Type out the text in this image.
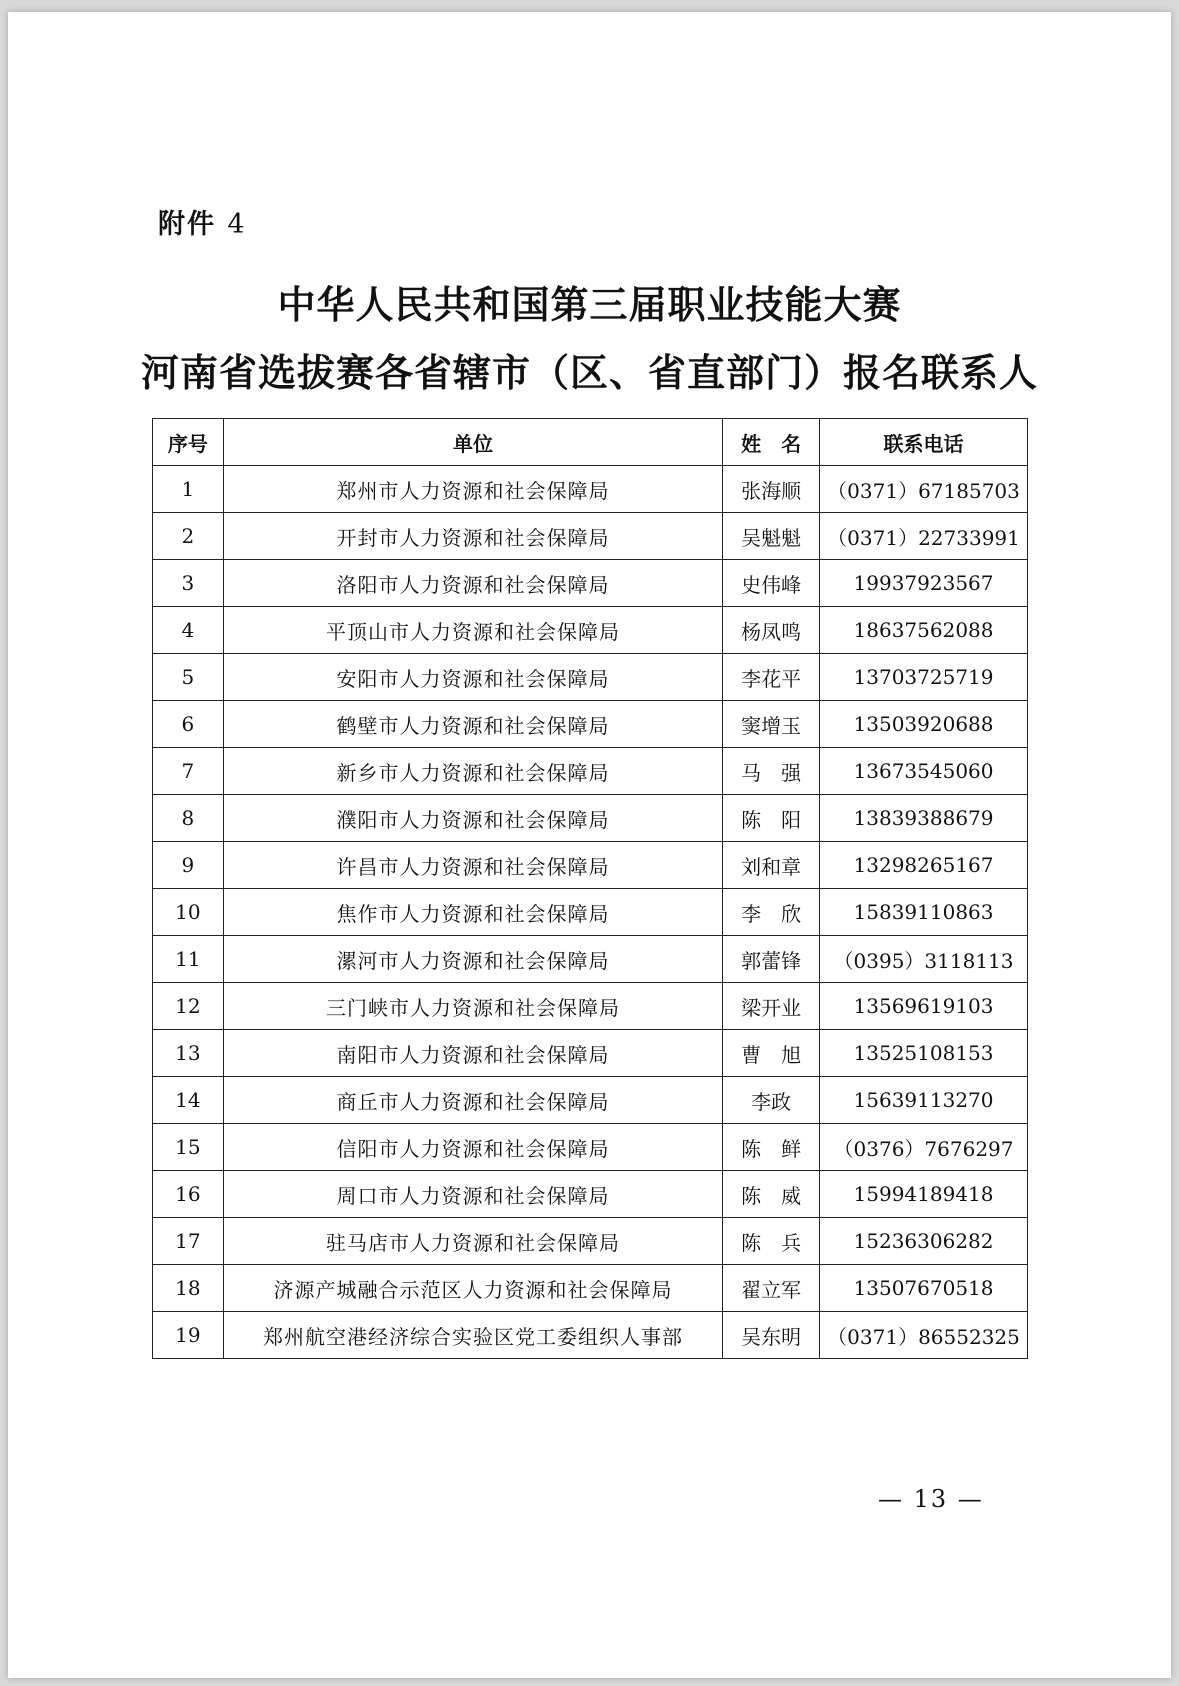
附件 4
中华人民共和国第三届职业技能大赛
河南省选拔赛各省辖市（区、省直部门）报名联系人
序号	单位	姓　名	联系电话
1	郑州市人力资源和社会保障局	张海顺	（0371）67185703
2	开封市人力资源和社会保障局	吴魁魁	（0371）22733991
3	洛阳市人力资源和社会保障局	史伟峰	19937923567
4	平顶山市人力资源和社会保障局	杨凤鸣	18637562088
5	安阳市人力资源和社会保障局	李花平	13703725719
6	鹤壁市人力资源和社会保障局	窦增玉	13503920688
7	新乡市人力资源和社会保障局	马　强	13673545060
8	濮阳市人力资源和社会保障局	陈　阳	13839388679
9	许昌市人力资源和社会保障局	刘和章	13298265167
10	焦作市人力资源和社会保障局	李　欣	15839110863
11	漯河市人力资源和社会保障局	郭蕾锋	（0395）3118113
12	三门峡市人力资源和社会保障局	梁开业	13569619103
13	南阳市人力资源和社会保障局	曹　旭	13525108153
14	商丘市人力资源和社会保障局	李政	15639113270
15	信阳市人力资源和社会保障局	陈　鲜	（0376）7676297
16	周口市人力资源和社会保障局	陈　威	15994189418
17	驻马店市人力资源和社会保障局	陈　兵	15236306282
18	济源产城融合示范区人力资源和社会保障局	翟立军	13507670518
19	郑州航空港经济综合实验区党工委组织人事部	吴东明	（0371）86552325
— 13 —
